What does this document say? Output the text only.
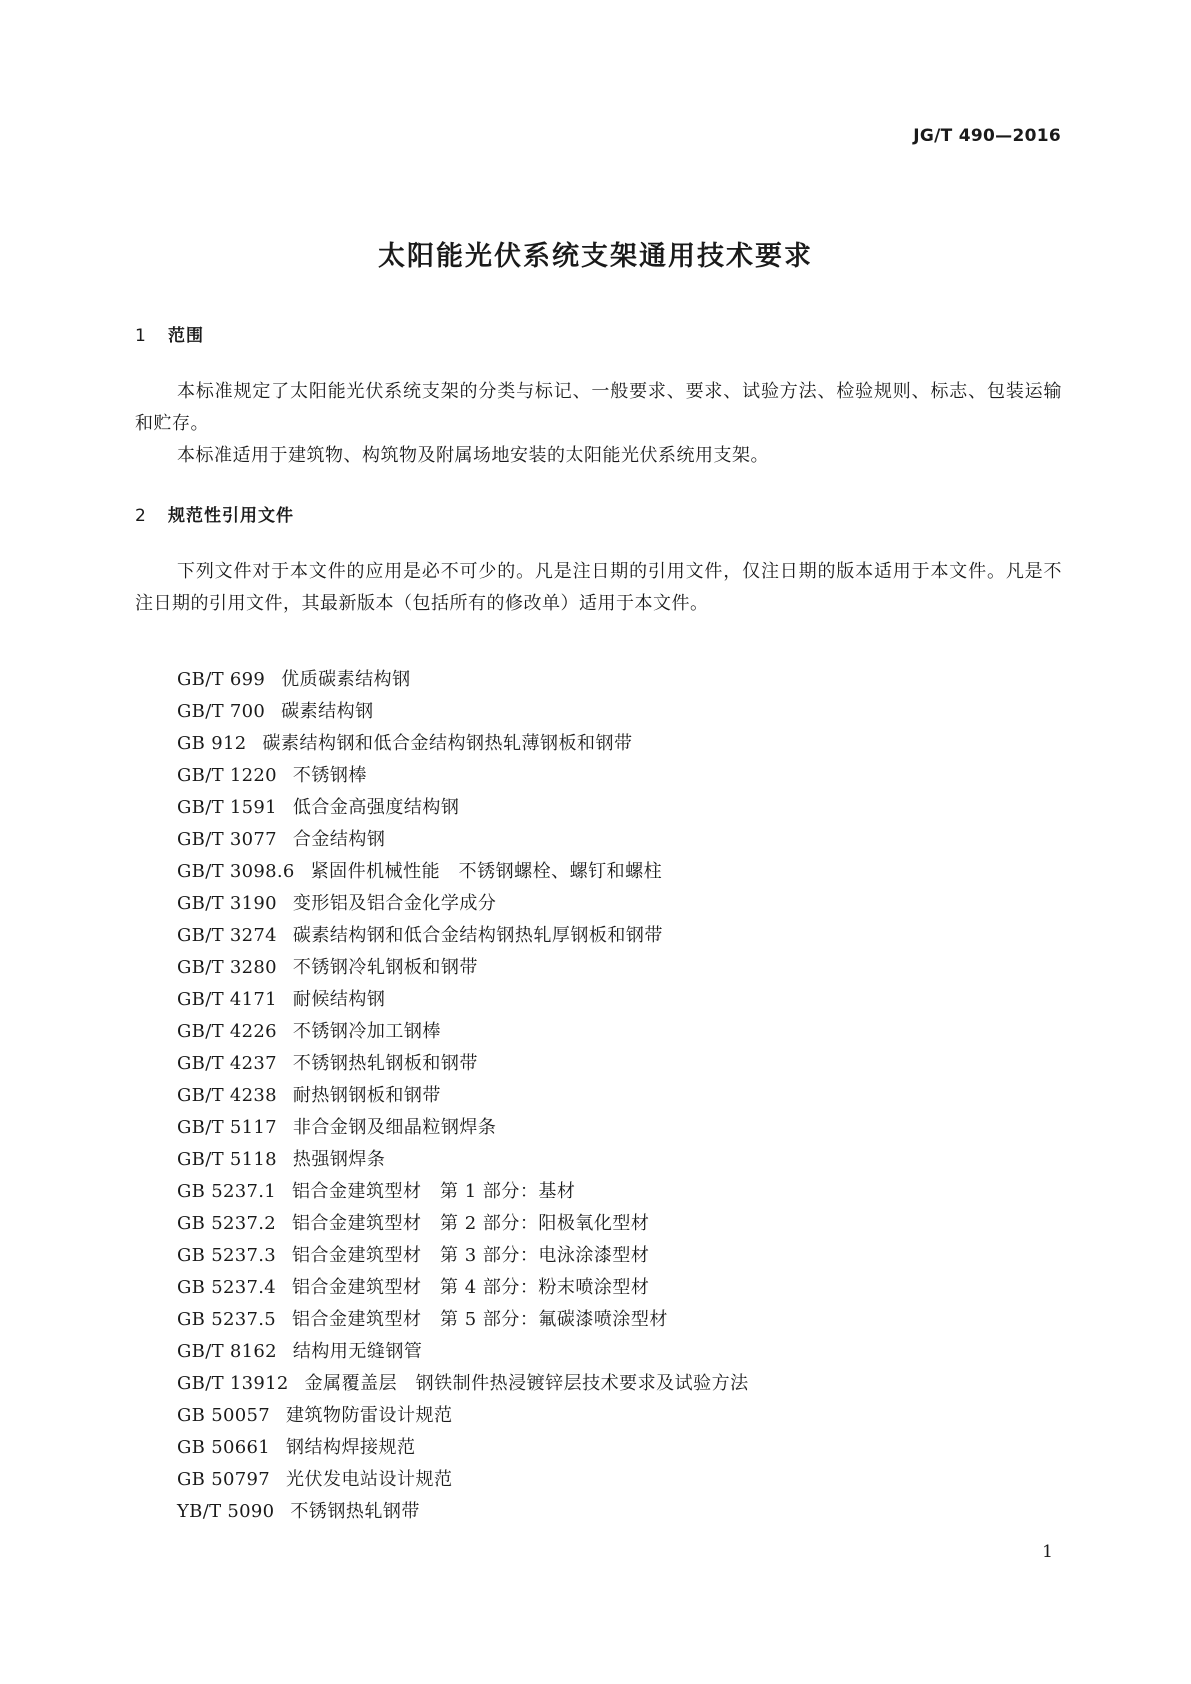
JG/T 490—2016
太阳能光伏系统支架通用技术要求
1 范围

本标准规定了太阳能光伏系统支架的分类与标记、一般要求、要求、试验方法、检验规则、标志、包装运输和贮存。

本标准适用于建筑物、构筑物及附属场地安装的太阳能光伏系统用支架。

2 规范性引用文件

下列文件对于本文件的应用是必不可少的。凡是注日期的引用文件，仅注日期的版本适用于本文件。凡是不注日期的引用文件，其最新版本（包括所有的修改单）适用于本文件。

GB/T 699 优质碳素结构钢
GB/T 700 碳素结构钢
GB 912 碳素结构钢和低合金结构钢热轧薄钢板和钢带
GB/T 1220 不锈钢棒
GB/T 1591 低合金高强度结构钢
GB/T 3077 合金结构钢
GB/T 3098.6 紧固件机械性能　不锈钢螺栓、螺钉和螺柱
GB/T 3190 变形铝及铝合金化学成分
GB/T 3274 碳素结构钢和低合金结构钢热轧厚钢板和钢带
GB/T 3280 不锈钢冷轧钢板和钢带
GB/T 4171 耐候结构钢
GB/T 4226 不锈钢冷加工钢棒
GB/T 4237 不锈钢热轧钢板和钢带
GB/T 4238 耐热钢钢板和钢带
GB/T 5117 非合金钢及细晶粒钢焊条
GB/T 5118 热强钢焊条
GB 5237.1 铝合金建筑型材　第 1 部分：基材
GB 5237.2 铝合金建筑型材　第 2 部分：阳极氧化型材
GB 5237.3 铝合金建筑型材　第 3 部分：电泳涂漆型材
GB 5237.4 铝合金建筑型材　第 4 部分：粉末喷涂型材
GB 5237.5 铝合金建筑型材　第 5 部分：氟碳漆喷涂型材
GB/T 8162 结构用无缝钢管
GB/T 13912 金属覆盖层　钢铁制件热浸镀锌层技术要求及试验方法
GB 50057 建筑物防雷设计规范
GB 50661 钢结构焊接规范
GB 50797 光伏发电站设计规范
YB/T 5090 不锈钢热轧钢带
1
